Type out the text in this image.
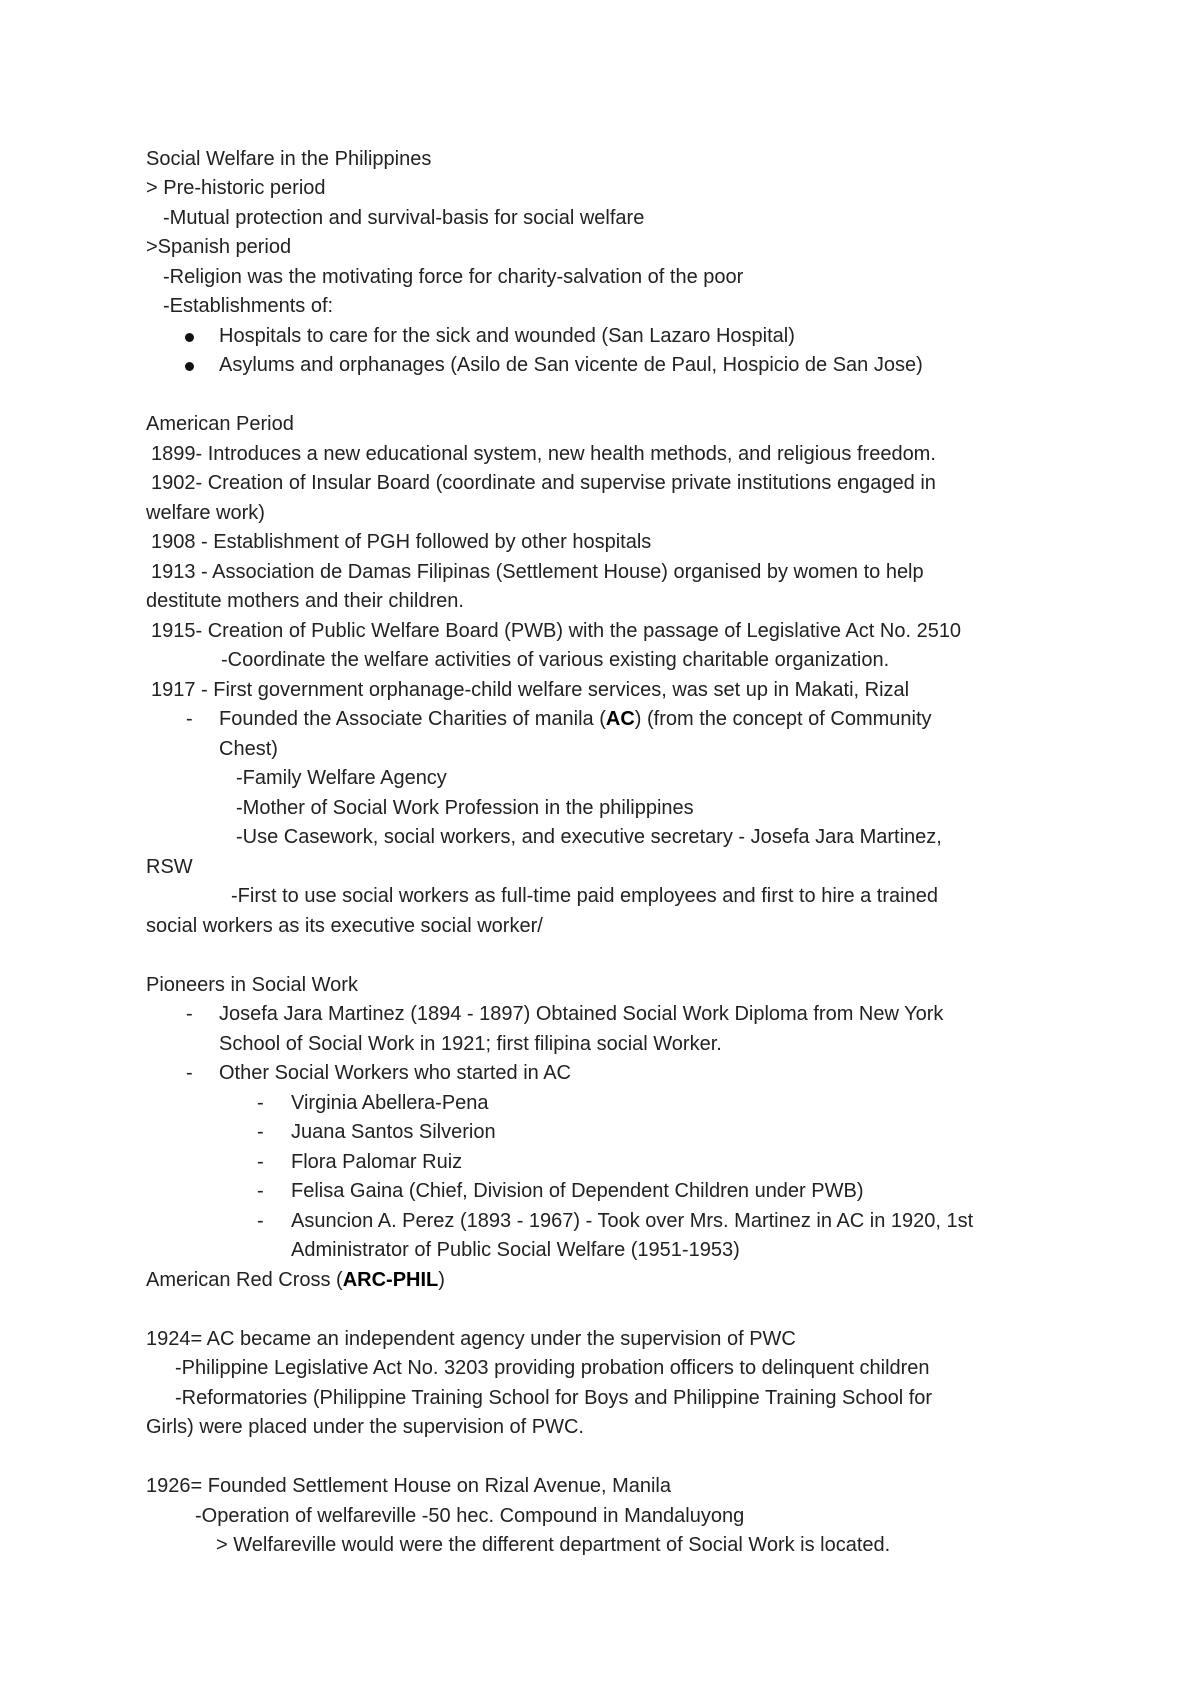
Social Welfare in the Philippines
> Pre-historic period
-Mutual protection and survival-basis for social welfare
>Spanish period
-Religion was the motivating force for charity-salvation of the poor
-Establishments of:
Hospitals to care for the sick and wounded (San Lazaro Hospital)
Asylums and orphanages (Asilo de San vicente de Paul, Hospicio de San Jose)
American Period
1899- Introduces a new educational system, new health methods, and religious freedom.
1902- Creation of Insular Board (coordinate and supervise private institutions engaged in
welfare work)
1908 - Establishment of PGH followed by other hospitals
1913 - Association de Damas Filipinas (Settlement House) organised by women to help
destitute mothers and their children.
1915- Creation of Public Welfare Board (PWB) with the passage of Legislative Act No. 2510
-Coordinate the welfare activities of various existing charitable organization.
1917 - First government orphanage-child welfare services, was set up in Makati, Rizal
- Founded the Associate Charities of manila (AC) (from the concept of Community
Chest)
-Family Welfare Agency
-Mother of Social Work Profession in the philippines
-Use Casework, social workers, and executive secretary - Josefa Jara Martinez,
RSW
-First to use social workers as full-time paid employees and first to hire a trained
social workers as its executive social worker/
Pioneers in Social Work
- Josefa Jara Martinez (1894 - 1897) Obtained Social Work Diploma from New York
School of Social Work in 1921; first filipina social Worker.
- Other Social Workers who started in AC
- Virginia Abellera-Pena
- Juana Santos Silverion
- Flora Palomar Ruiz
- Felisa Gaina (Chief, Division of Dependent Children under PWB)
- Asuncion A. Perez (1893 - 1967) - Took over Mrs. Martinez in AC in 1920, 1st
Administrator of Public Social Welfare (1951-1953)
American Red Cross (ARC-PHIL)
1924= AC became an independent agency under the supervision of PWC
-Philippine Legislative Act No. 3203 providing probation officers to delinquent children
-Reformatories (Philippine Training School for Boys and Philippine Training School for
Girls) were placed under the supervision of PWC.
1926= Founded Settlement House on Rizal Avenue, Manila
-Operation of welfareville -50 hec. Compound in Mandaluyong
> Welfareville would were the different department of Social Work is located.
